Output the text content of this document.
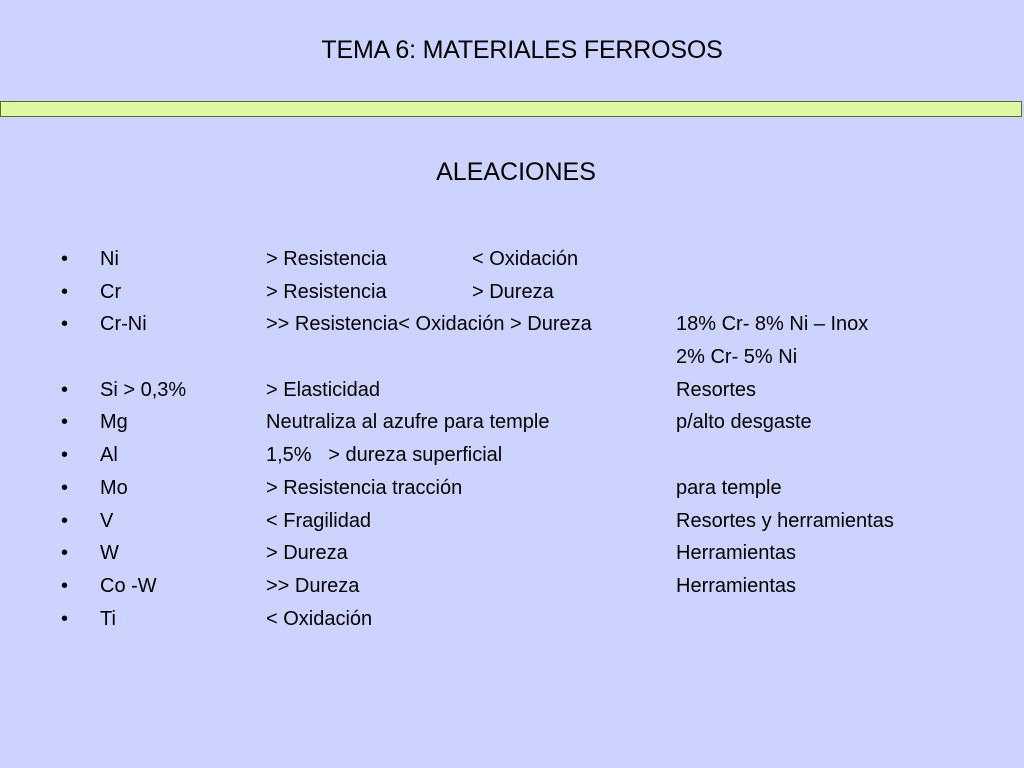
TEMA 6: MATERIALES FERROSOS
ALEACIONES
• Ni	> Resistencia	< Oxidación
• Cr	> Resistencia	> Dureza
• Cr-Ni	>> Resistencia< Oxidación > Dureza	18% Cr- 8% Ni – Inox
2% Cr- 5% Ni
• Si > 0,3%	> Elasticidad	Resortes
• Mg	Neutraliza al azufre para temple	p/alto desgaste
• Al	1,5%   > dureza superficial
• Mo	> Resistencia tracción	para temple
• V	< Fragilidad	Resortes y herramientas
• W	> Dureza	Herramientas
• Co -W	>> Dureza	Herramientas
• Ti	< Oxidación
